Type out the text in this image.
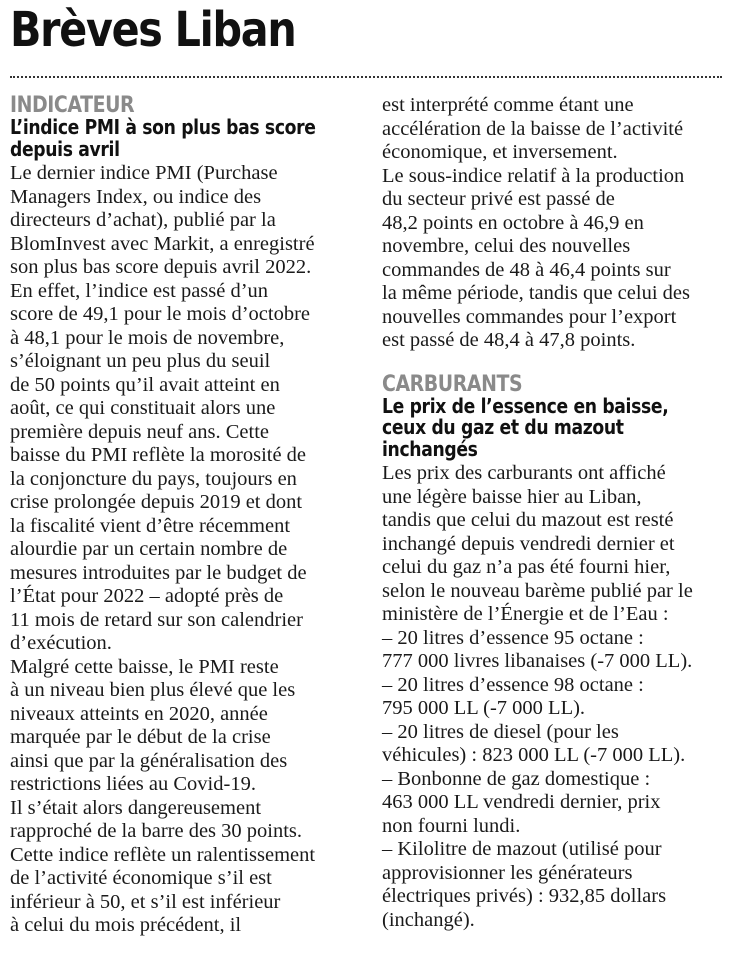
Brèves Liban
INDICATEUR
L’indice PMI à son plus bas score
depuis avril

Le dernier indice PMI (Purchase
Managers Index, ou indice des
directeurs d’achat), publié par la
BlomInvest avec Markit, a enregistré
son plus bas score depuis avril 2022.

En effet, l’indice est passé d’un
score de 49,1 pour le mois d’octobre
à 48,1 pour le mois de novembre,
s’éloignant un peu plus du seuil
de 50 points qu’il avait atteint en
août, ce qui constituait alors une
première depuis neuf ans. Cette
baisse du PMI reflète la morosité de
la conjoncture du pays, toujours en
crise prolongée depuis 2019 et dont
la fiscalité vient d’être récemment
alourdie par un certain nombre de
mesures introduites par le budget de
l’État pour 2022 – adopté près de
11 mois de retard sur son calendrier
d’exécution.

Malgré cette baisse, le PMI reste
à un niveau bien plus élevé que les
niveaux atteints en 2020, année
marquée par le début de la crise
ainsi que par la généralisation des
restrictions liées au Covid-19.

Il s’était alors dangereusement
rapproché de la barre des 30 points.

Cette indice reflète un ralentissement
de l’activité économique s’il est
inférieur à 50, et s’il est inférieur
à celui du mois précédent, il

est interprété comme étant une
accélération de la baisse de l’activité
économique, et inversement.

Le sous-indice relatif à la production
du secteur privé est passé de
48,2 points en octobre à 46,9 en
novembre, celui des nouvelles
commandes de 48 à 46,4 points sur
la même période, tandis que celui des
nouvelles commandes pour l’export
est passé de 48,4 à 47,8 points.

CARBURANTS
Le prix de l’essence en baisse,
ceux du gaz et du mazout
inchangés

Les prix des carburants ont affiché
une légère baisse hier au Liban,
tandis que celui du mazout est resté
inchangé depuis vendredi dernier et
celui du gaz n’a pas été fourni hier,
selon le nouveau barème publié par le
ministère de l’Énergie et de l’Eau :

– 20 litres d’essence 95 octane :
777 000 livres libanaises (-7 000 LL).

– 20 litres d’essence 98 octane :
795 000 LL (-7 000 LL).

– 20 litres de diesel (pour les
véhicules) : 823 000 LL (-7 000 LL).

– Bonbonne de gaz domestique :
463 000 LL vendredi dernier, prix
non fourni lundi.

– Kilolitre de mazout (utilisé pour
approvisionner les générateurs
électriques privés) : 932,85 dollars
(inchangé).
